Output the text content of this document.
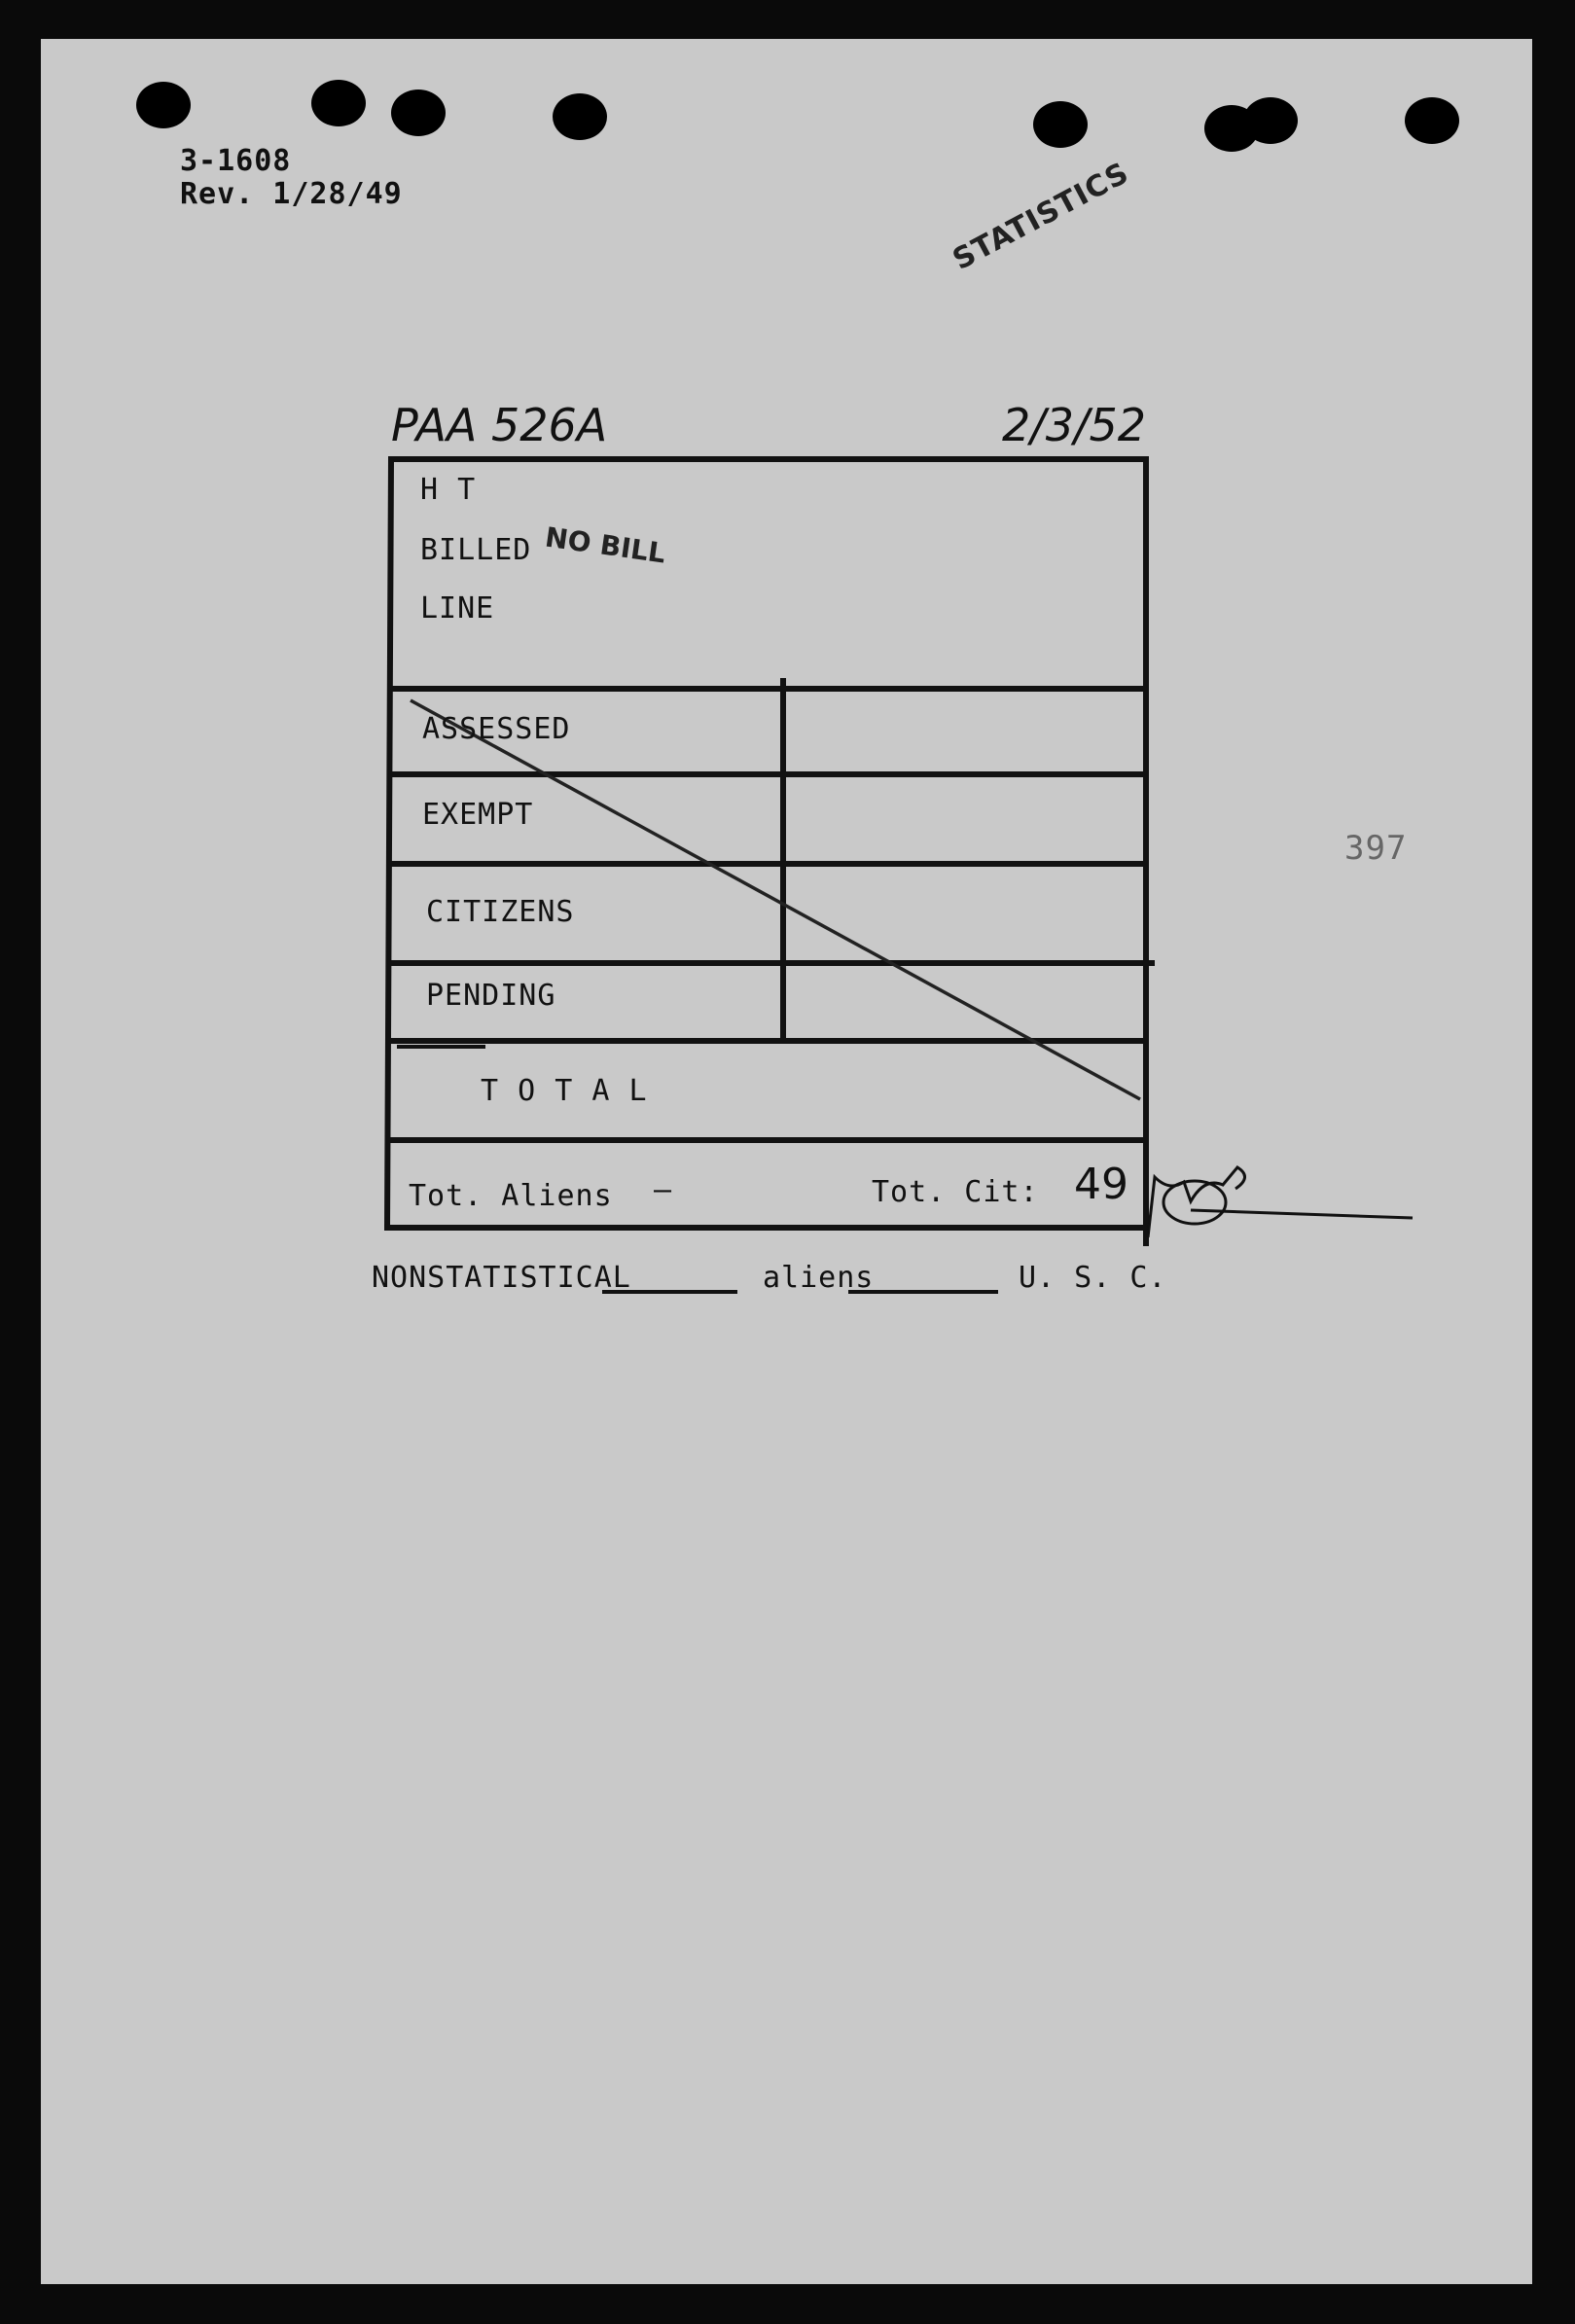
3-1608
Rev. 1/28/49	STATISTICS
PAA 526A	2/3/52
H T
BILLED
LINE
NO BILL
ASSESSED
EXEMPT
CITIZENS
PENDING
T O T A L
Tot. Aliens —	Tot. Cit: 49
NONSTATISTICAL	aliens	U. S. C.
397
